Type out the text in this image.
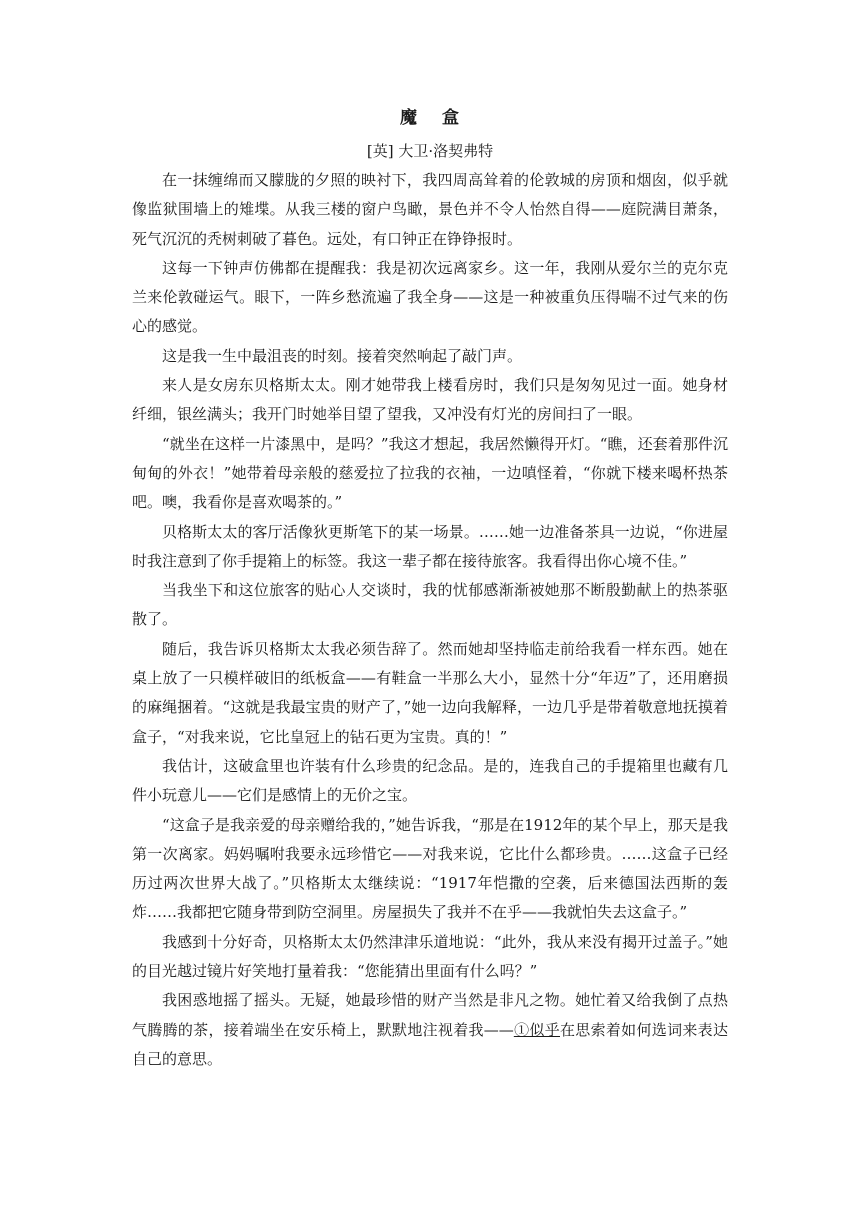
魔 盒
[英] 大卫·洛契弗特

在一抹缠绵而又朦胧的夕照的映衬下，我四周高耸着的伦敦城的房顶和烟囱，似乎就像监狱围墙上的雉堞。从我三楼的窗户鸟瞰，景色并不令人怡然自得——庭院满目萧条，死气沉沉的秃树刺破了暮色。远处，有口钟正在铮铮报时。

这每一下钟声仿佛都在提醒我：我是初次远离家乡。这一年，我刚从爱尔兰的克尔克兰来伦敦碰运气。眼下，一阵乡愁流遍了我全身——这是一种被重负压得喘不过气来的伤心的感觉。

这是我一生中最沮丧的时刻。接着突然响起了敲门声。

来人是女房东贝格斯太太。刚才她带我上楼看房时，我们只是匆匆见过一面。她身材纤细，银丝满头；我开门时她举目望了望我，又冲没有灯光的房间扫了一眼。

“就坐在这样一片漆黑中，是吗？”我这才想起，我居然懒得开灯。“瞧，还套着那件沉甸甸的外衣！”她带着母亲般的慈爱拉了拉我的衣袖，一边嗔怪着，“你就下楼来喝杯热茶吧。噢，我看你是喜欢喝茶的。”

贝格斯太太的客厅活像狄更斯笔下的某一场景。……她一边准备茶具一边说，“你进屋时我注意到了你手提箱上的标签。我这一辈子都在接待旅客。我看得出你心境不佳。”

当我坐下和这位旅客的贴心人交谈时，我的忧郁感渐渐被她那不断殷勤献上的热茶驱散了。

随后，我告诉贝格斯太太我必须告辞了。然而她却坚持临走前给我看一样东西。她在桌上放了一只模样破旧的纸板盒——有鞋盒一半那么大小，显然十分“年迈”了，还用磨损的麻绳捆着。“这就是我最宝贵的财产了，”她一边向我解释，一边几乎是带着敬意地抚摸着盒子，“对我来说，它比皇冠上的钻石更为宝贵。真的！”

我估计，这破盒里也许装有什么珍贵的纪念品。是的，连我自己的手提箱里也藏有几件小玩意儿——它们是感情上的无价之宝。

“这盒子是我亲爱的母亲赠给我的，”她告诉我，“那是在1912年的某个早上，那天是我第一次离家。妈妈嘱咐我要永远珍惜它——对我来说，它比什么都珍贵。……这盒子已经历过两次世界大战了。”贝格斯太太继续说：“1917年恺撒的空袭，后来德国法西斯的轰炸……我都把它随身带到防空洞里。房屋损失了我并不在乎——我就怕失去这盒子。”

我感到十分好奇，贝格斯太太仍然津津乐道地说：“此外，我从来没有揭开过盖子。”她的目光越过镜片好笑地打量着我：“您能猜出里面有什么吗？”

我困惑地摇了摇头。无疑，她最珍惜的财产当然是非凡之物。她忙着又给我倒了点热气腾腾的茶，接着端坐在安乐椅上，默默地注视着我——①似乎在思索着如何选词来表达自己的意思。
